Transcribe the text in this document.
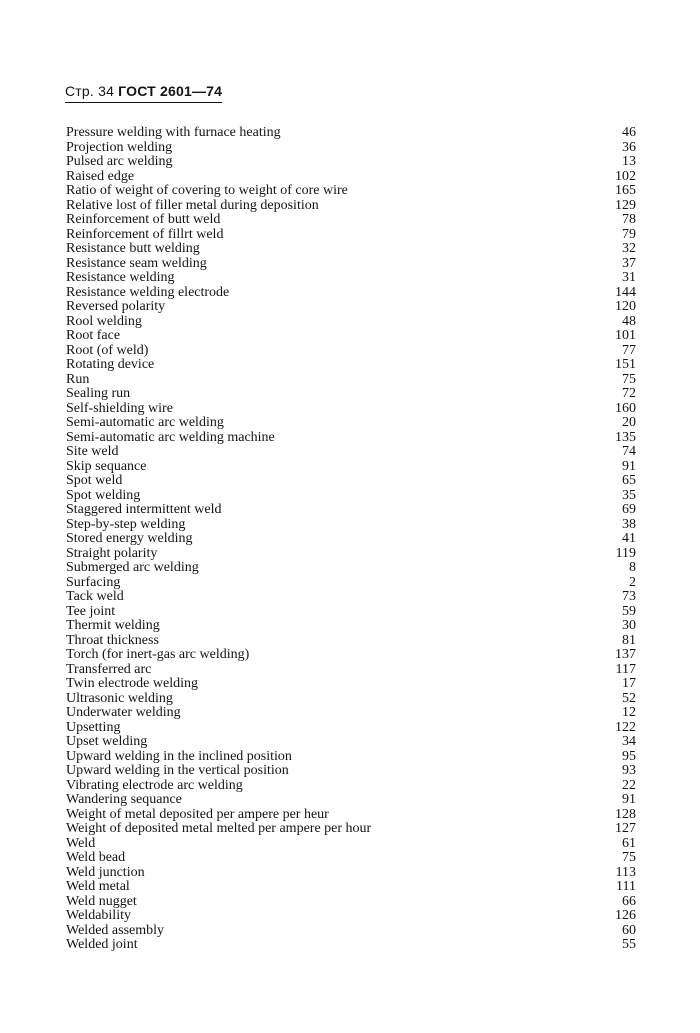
Стр. 34 ГОСТ 2601—74
Pressure welding with furnace heating	46
Projection welding	36
Pulsed arc welding	13
Raised edge	102
Ratio of weight of covering to weight of core wire	165
Relative lost of filler metal during deposition	129
Reinforcement of butt weld	78
Reinforcement of fillrt weld	79
Resistance butt welding	32
Resistance seam welding	37
Resistance welding	31
Resistance welding electrode	144
Reversed polarity	120
Rool welding	48
Root face	101
Root (of weld)	77
Rotating device	151
Run	75
Sealing run	72
Self-shielding wire	160
Semi-automatic arc welding	20
Semi-automatic arc welding machine	135
Site weld	74
Skip sequance	91
Spot weld	65
Spot welding	35
Staggered intermittent weld	69
Step-by-step welding	38
Stored energy welding	41
Straight polarity	119
Submerged arc welding	8
Surfacing	2
Tack weld	73
Tee joint	59
Thermit welding	30
Throat thickness	81
Torch (for inert-gas arc welding)	137
Transferred arc	117
Twin electrode welding	17
Ultrasonic welding	52
Underwater welding	12
Upsetting	122
Upset welding	34
Upward welding in the inclined position	95
Upward welding in the vertical position	93
Vibrating electrode arc welding	22
Wandering sequance	91
Weight of metal deposited per ampere per heur	128
Weight of deposited metal melted per ampere per hour	127
Weld	61
Weld bead	75
Weld junction	113
Weld metal	111
Weld nugget	66
Weldability	126
Welded assembly	60
Welded joint	55
